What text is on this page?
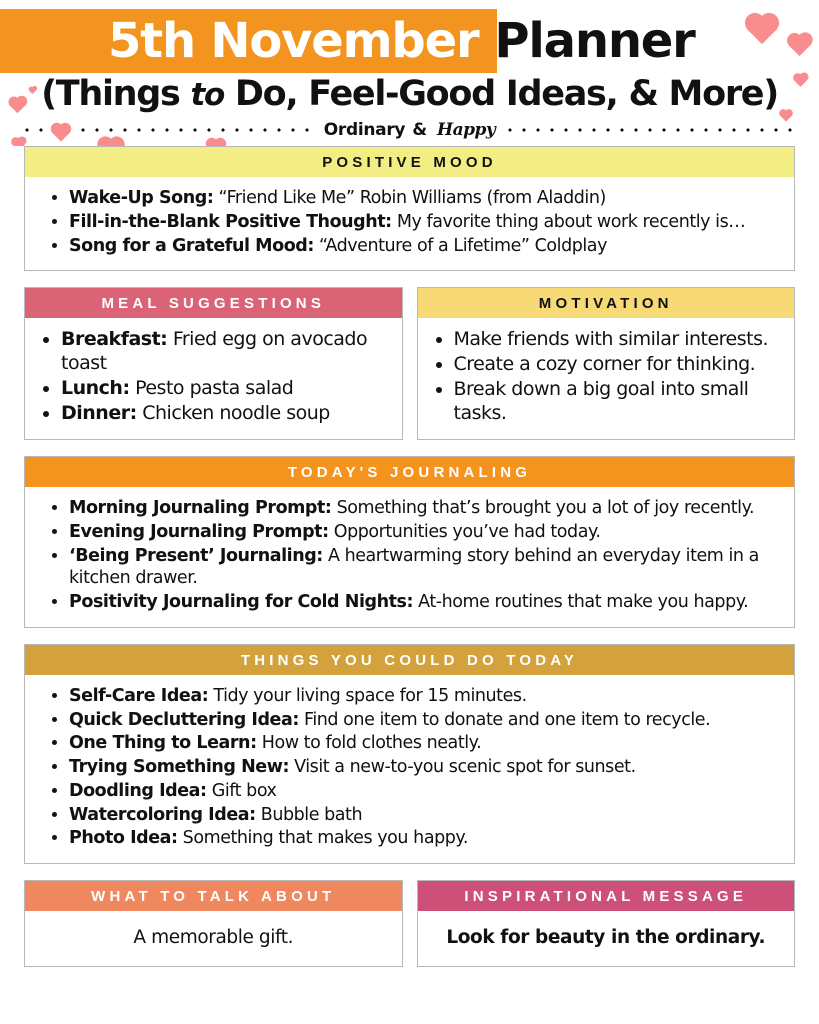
5th November Planner
(Things to Do, Feel-Good Ideas, & More)
Ordinary & Happy
POSITIVE MOOD
• Wake-Up Song: “Friend Like Me” Robin Williams (from Aladdin)
• Fill-in-the-Blank Positive Thought: My favorite thing about work recently is…
• Song for a Grateful Mood: “Adventure of a Lifetime” Coldplay
MEAL SUGGESTIONS
• Breakfast: Fried egg on avocado toast
• Lunch: Pesto pasta salad
• Dinner: Chicken noodle soup
MOTIVATION
• Make friends with similar interests.
• Create a cozy corner for thinking.
• Break down a big goal into small tasks.
TODAY'S JOURNALING
• Morning Journaling Prompt: Something that’s brought you a lot of joy recently.
• Evening Journaling Prompt: Opportunities you’ve had today.
• ‘Being Present’ Journaling: A heartwarming story behind an everyday item in a kitchen drawer.
• Positivity Journaling for Cold Nights: At-home routines that make you happy.
THINGS YOU COULD DO TODAY
• Self-Care Idea: Tidy your living space for 15 minutes.
• Quick Decluttering Idea: Find one item to donate and one item to recycle.
• One Thing to Learn: How to fold clothes neatly.
• Trying Something New: Visit a new-to-you scenic spot for sunset.
• Doodling Idea: Gift box
• Watercoloring Idea: Bubble bath
• Photo Idea: Something that makes you happy.
WHAT TO TALK ABOUT
A memorable gift.
INSPIRATIONAL MESSAGE
Look for beauty in the ordinary.
